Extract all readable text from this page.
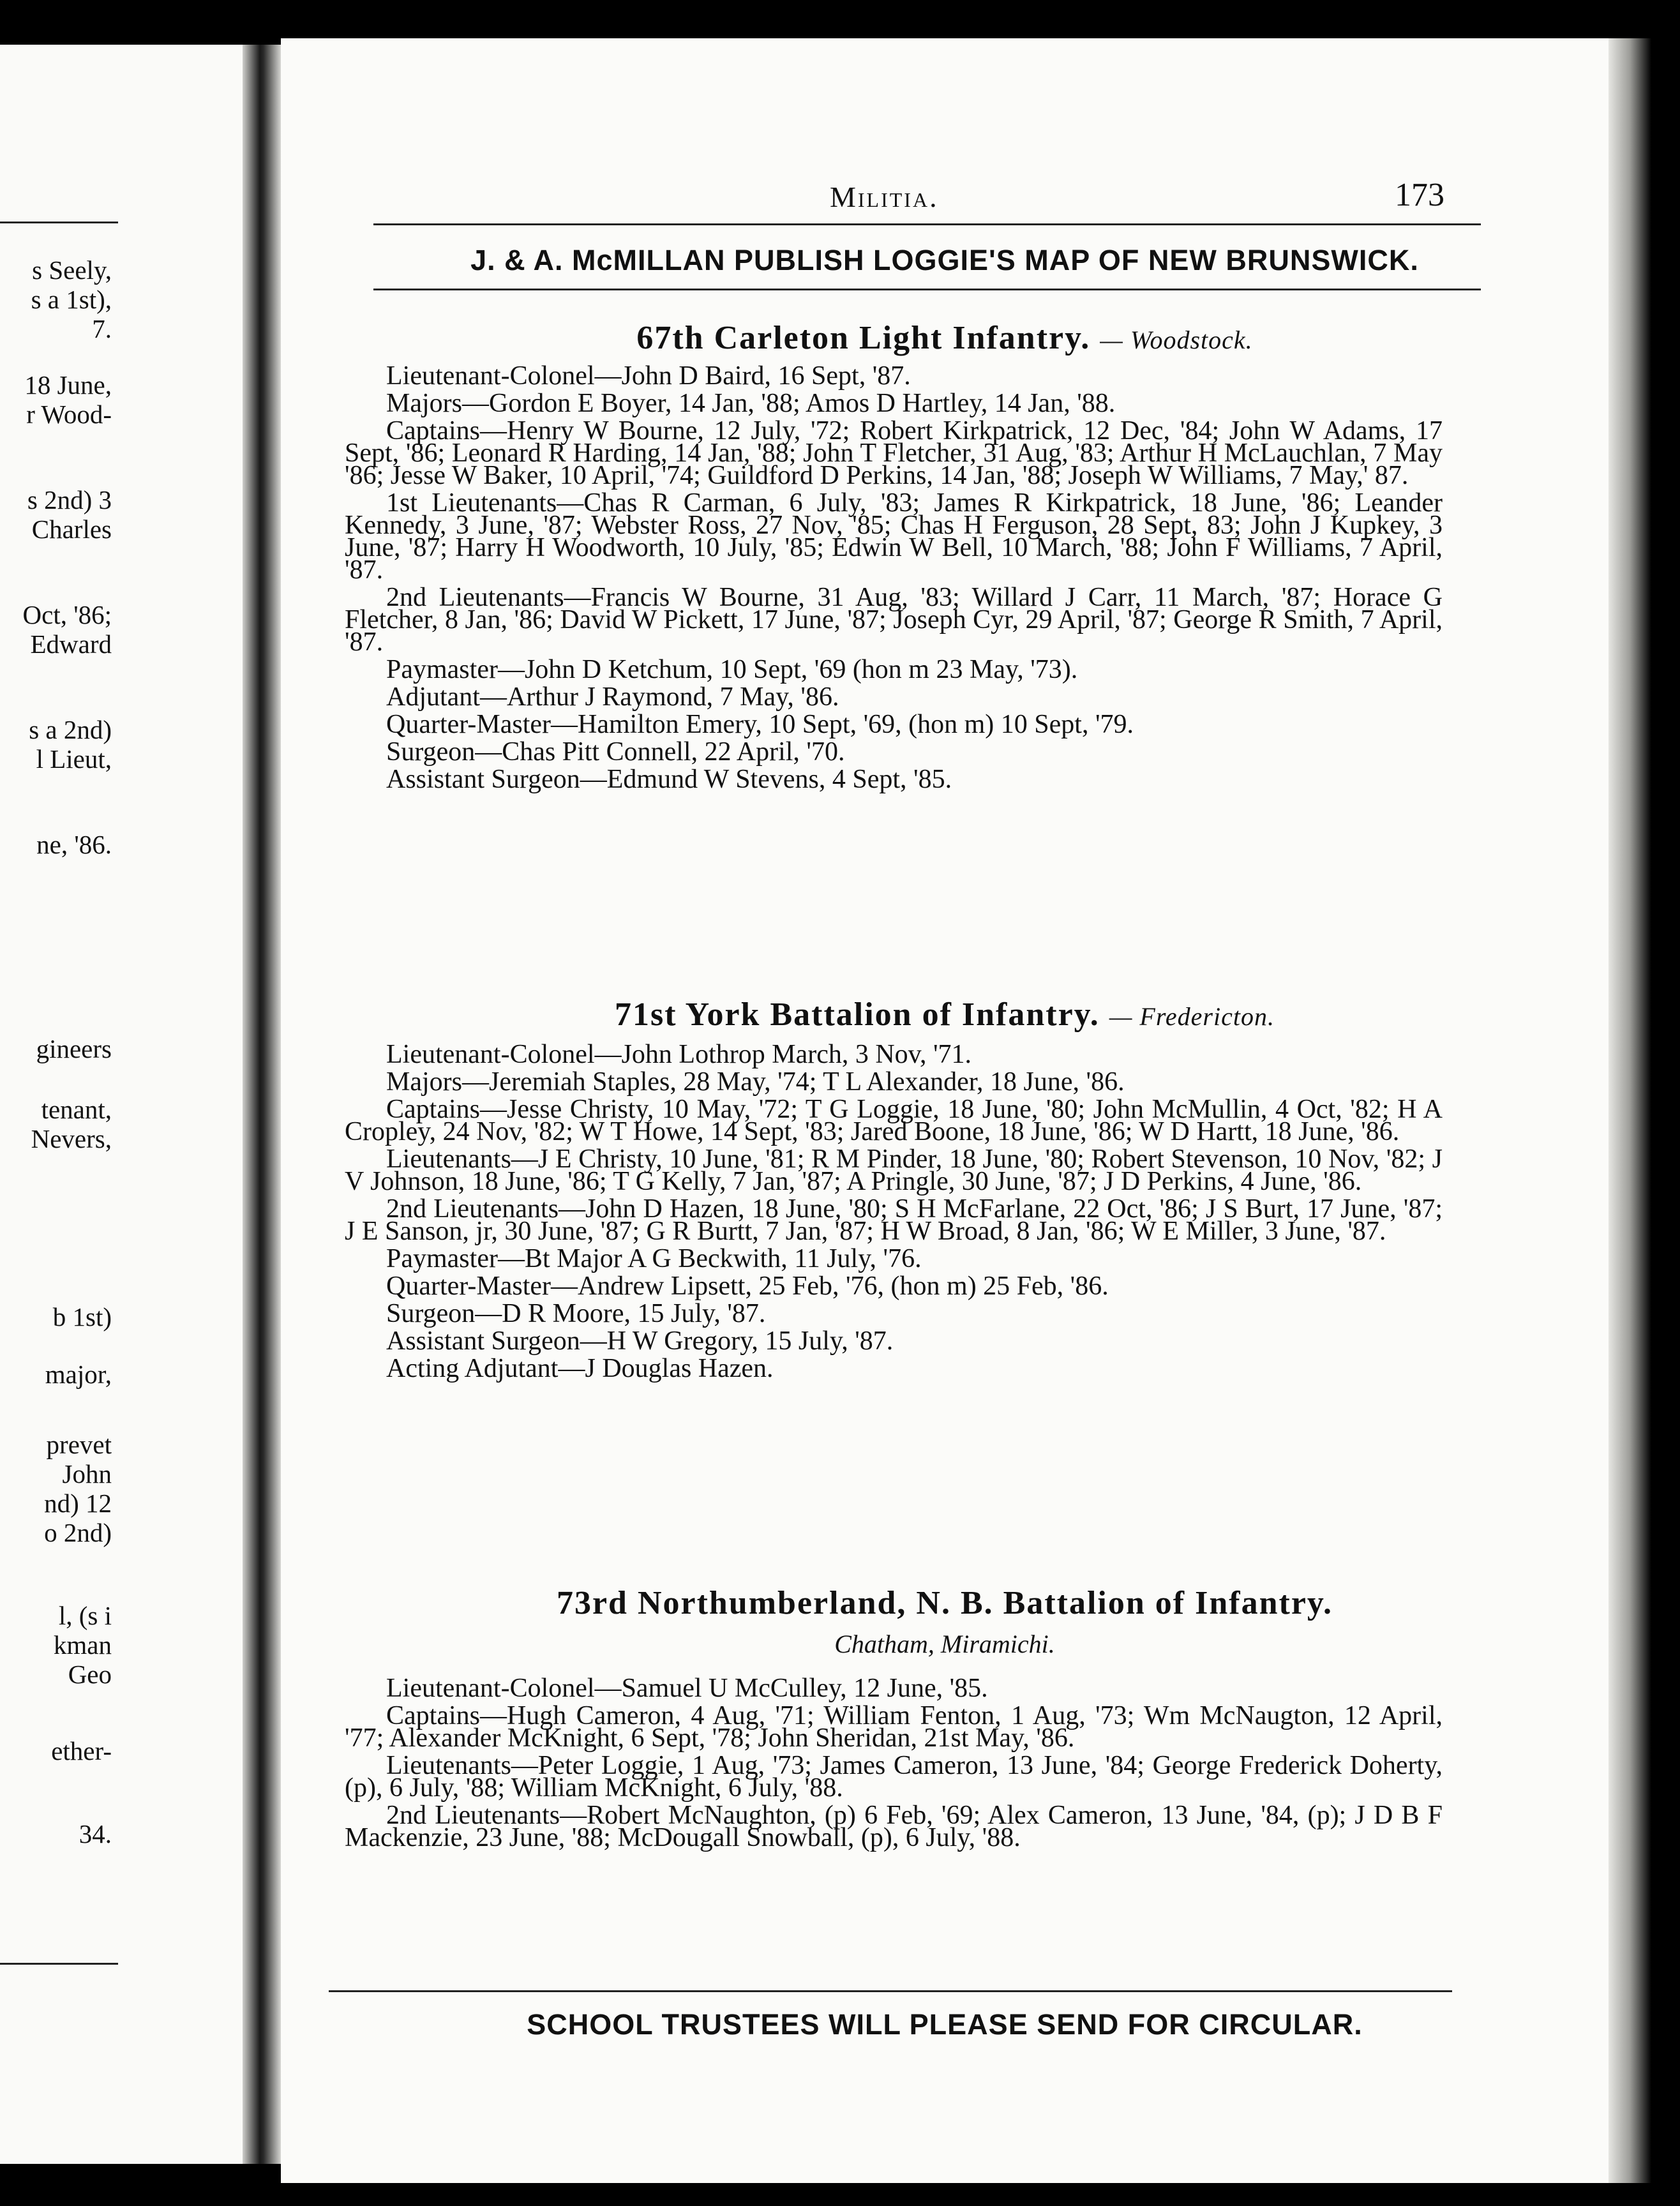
s Seely,
s a 1st),
7.
18 June,
r Wood-
s 2nd) 3
Charles
Oct, '86;
Edward
s a 2nd)
l Lieut,
ne, '86.
gineers
tenant,
Nevers,
b 1st)
major,
prevet
John
nd) 12
o 2nd)
l, (s i
kman
Geo
ether-
34.
Militia.	173
J. & A. McMILLAN PUBLISH LOGGIE'S MAP OF NEW BRUNSWICK.
67th Carleton Light Infantry. — Woodstock.

Lieutenant-Colonel—John D Baird, 16 Sept, '87.

Majors—Gordon E Boyer, 14 Jan, '88; Amos D Hartley, 14 Jan, '88.

Captains—Henry W Bourne, 12 July, '72; Robert Kirkpatrick, 12 Dec, '84; John W Adams, 17 Sept, '86; Leonard R Harding, 14 Jan, '88; John T Fletcher, 31 Aug, '83; Arthur H McLauchlan, 7 May '86; Jesse W Baker, 10 April, '74; Guildford D Perkins, 14 Jan, '88; Joseph W Williams, 7 May,' 87.

1st Lieutenants—Chas R Carman, 6 July, '83; James R Kirkpatrick, 18 June, '86; Leander Kennedy, 3 June, '87; Webster Ross, 27 Nov, '85; Chas H Ferguson, 28 Sept, 83; John J Kupkey, 3 June, '87; Harry H Woodworth, 10 July, '85; Edwin W Bell, 10 March, '88; John F Williams, 7 April, '87.

2nd Lieutenants—Francis W Bourne, 31 Aug, '83; Willard J Carr, 11 March, '87; Horace G Fletcher, 8 Jan, '86; David W Pickett, 17 June, '87; Joseph Cyr, 29 April, '87; George R Smith, 7 April, '87.

Paymaster—John D Ketchum, 10 Sept, '69 (hon m 23 May, '73).

Adjutant—Arthur J Raymond, 7 May, '86.

Quarter-Master—Hamilton Emery, 10 Sept, '69, (hon m) 10 Sept, '79.

Surgeon—Chas Pitt Connell, 22 April, '70.

Assistant Surgeon—Edmund W Stevens, 4 Sept, '85.

71st York Battalion of Infantry. — Fredericton.

Lieutenant-Colonel—John Lothrop March, 3 Nov, '71.

Majors—Jeremiah Staples, 28 May, '74; T L Alexander, 18 June, '86.

Captains—Jesse Christy, 10 May, '72; T G Loggie, 18 June, '80; John McMullin, 4 Oct, '82; H A Cropley, 24 Nov, '82; W T Howe, 14 Sept, '83; Jared Boone, 18 June, '86; W D Hartt, 18 June, '86.

Lieutenants—J E Christy, 10 June, '81; R M Pinder, 18 June, '80; Robert Stevenson, 10 Nov, '82; J V Johnson, 18 June, '86; T G Kelly, 7 Jan, '87; A Pringle, 30 June, '87; J D Perkins, 4 June, '86.

2nd Lieutenants—John D Hazen, 18 June, '80; S H McFarlane, 22 Oct, '86; J S Burt, 17 June, '87; J E Sanson, jr, 30 June, '87; G R Burtt, 7 Jan, '87; H W Broad, 8 Jan, '86; W E Miller, 3 June, '87.

Paymaster—Bt Major A G Beckwith, 11 July, '76.

Quarter-Master—Andrew Lipsett, 25 Feb, '76, (hon m) 25 Feb, '86.

Surgeon—D R Moore, 15 July, '87.

Assistant Surgeon—H W Gregory, 15 July, '87.

Acting Adjutant—J Douglas Hazen.

73rd Northumberland, N. B. Battalion of Infantry.
Chatham, Miramichi.

Lieutenant-Colonel—Samuel U McCulley, 12 June, '85.

Captains—Hugh Cameron, 4 Aug, '71; William Fenton, 1 Aug, '73; Wm McNaugton, 12 April, '77; Alexander McKnight, 6 Sept, '78; John Sheridan, 21st May, '86.

Lieutenants—Peter Loggie, 1 Aug, '73; James Cameron, 13 June, '84; George Frederick Doherty, (p), 6 July, '88; William McKnight, 6 July, '88.

2nd Lieutenants—Robert McNaughton, (p) 6 Feb, '69; Alex Cameron, 13 June, '84, (p); J D B F Mackenzie, 23 June, '88; McDougall Snowball, (p), 6 July, '88.

SCHOOL TRUSTEES WILL PLEASE SEND FOR CIRCULAR.
